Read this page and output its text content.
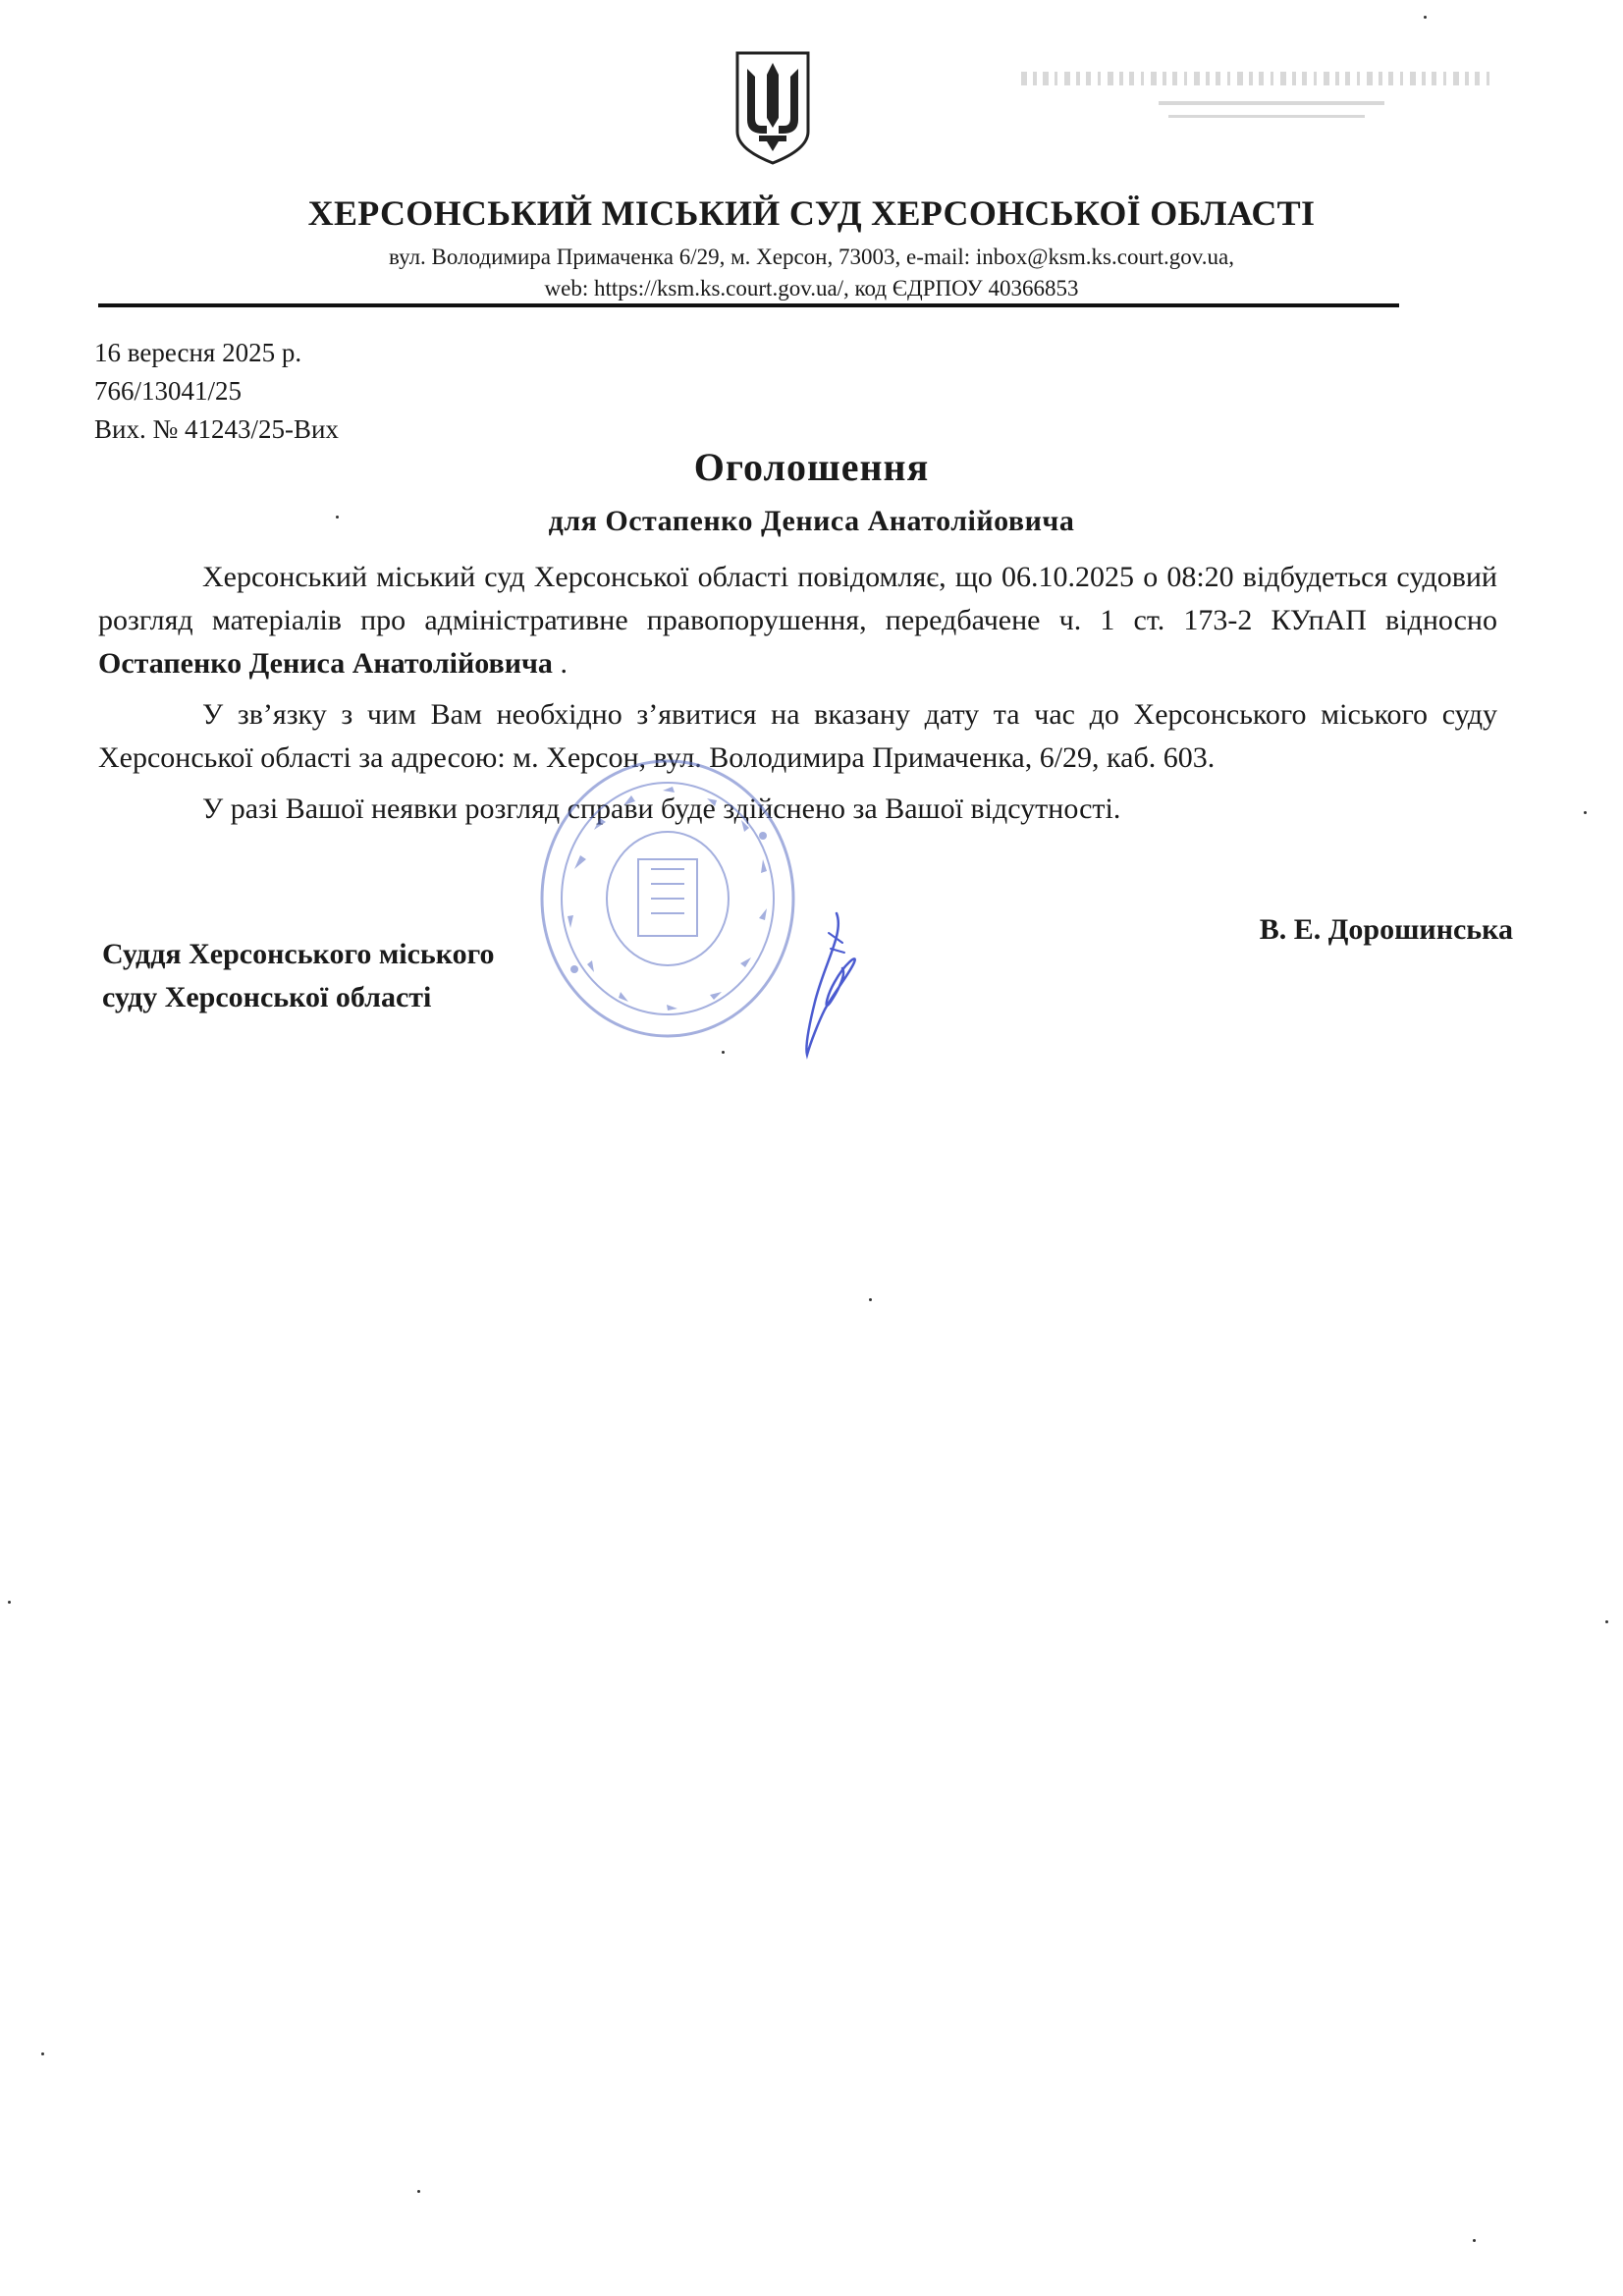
ХЕРСОНСЬКИЙ МІСЬКИЙ СУД ХЕРСОНСЬКОЇ ОБЛАСТІ
вул. Володимира Примаченка 6/29, м. Херсон, 73003, e-mail: inbox@ksm.ks.court.gov.ua,
web: https://ksm.ks.court.gov.ua/, код ЄДРПОУ 40366853
16 вересня 2025 р.
766/13041/25
Вих. № 41243/25-Вих
Оголошення
для Остапенко Дениса Анатолійовича

Херсонський міський суд Херсонської області повідомляє, що 06.10.2025 о 08:20 відбудеться судовий розгляд матеріалів про адміністративне правопорушення, передбачене ч. 1 ст. 173-2 КУпАП відносно Остапенко Дениса Анатолійовича .

У зв’язку з чим Вам необхідно з’явитися на вказану дату та час до Херсонського міського суду Херсонської області за адресою: м. Херсон, вул. Володимира Примаченка, 6/29, каб. 603.

У разі Вашої неявки розгляд справи буде здійснено за Вашої відсутності.

Суддя Херсонського міського
суду Херсонської області
В. Е. Дорошинська
